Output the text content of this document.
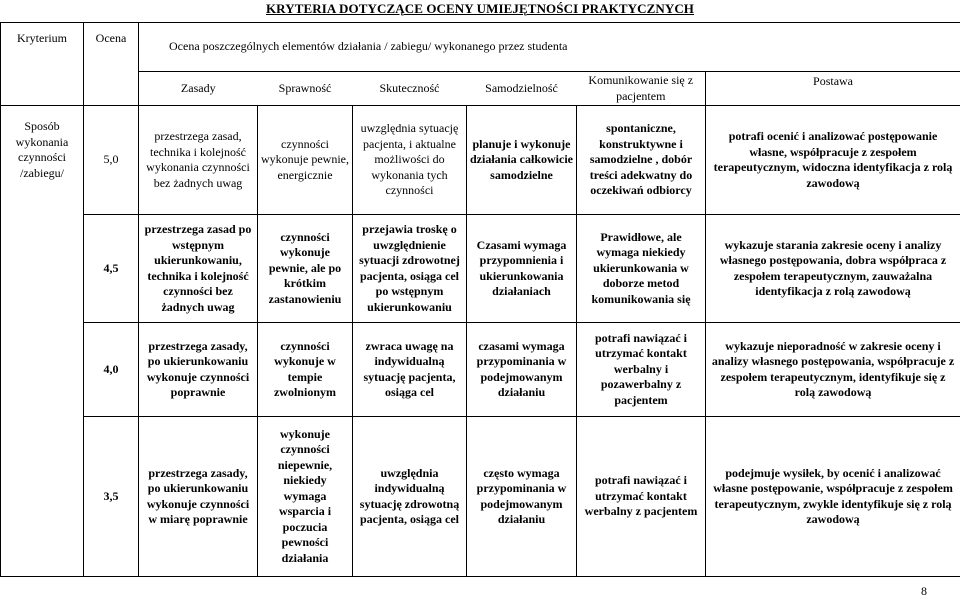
KRYTERIA DOTYCZĄCE OCENY UMIEJĘTNOŚCI PRAKTYCZNYCH
Kryterium	Ocena	Ocena poszczególnych elementów działania / zabiegu/ wykonanego przez studenta					
		Zasady	Sprawność	Skuteczność	Samodzielność	Komunikowanie się z pacjentem	Postawa
Sposób wykonania czynności /zabiegu/	5,0	przestrzega zasad, technika i kolejność wykonania czynności bez żadnych uwag	czynności wykonuje pewnie, energicznie	uwzględnia sytuację pacjenta, i aktualne możliwości do wykonania tych czynności	planuje i wykonuje działania całkowicie samodzielne	spontaniczne, konstruktywne i samodzielne , dobór treści adekwatny do oczekiwań odbiorcy	potrafi ocenić i analizować postępowanie własne, współpracuje z zespołem terapeutycznym, widoczna identyfikacja z rolą zawodową
	4,5	przestrzega zasad po wstępnym ukierunkowaniu, technika i kolejność czynności bez żadnych uwag	czynności wykonuje pewnie, ale po krótkim zastanowieniu	przejawia troskę o uwzględnienie sytuacji zdrowotnej pacjenta, osiąga cel po wstępnym ukierunkowaniu	Czasami wymaga przypomnienia i ukierunkowania działaniach	Prawidłowe, ale wymaga niekiedy ukierunkowania w doborze metod komunikowania się	wykazuje starania zakresie oceny i analizy własnego postępowania, dobra współpraca z zespołem terapeutycznym, zauważalna identyfikacja z rolą zawodową
	4,0	przestrzega zasady, po ukierunkowaniu wykonuje czynności poprawnie	czynności wykonuje w tempie zwolnionym	zwraca uwagę na indywidualną sytuację pacjenta, osiąga cel	czasami wymaga przypominania w podejmowanym działaniu	potrafi nawiązać i utrzymać kontakt werbalny i pozawerbalny z pacjentem	wykazuje nieporadność w zakresie oceny i analizy własnego postępowania, współpracuje z zespołem terapeutycznym, identyfikuje się z rolą zawodową
	3,5	przestrzega zasady, po ukierunkowaniu wykonuje czynności w miarę poprawnie	wykonuje czynności niepewnie, niekiedy wymaga wsparcia i poczucia pewności działania	uwzględnia indywidualną sytuację zdrowotną pacjenta, osiąga cel	często wymaga przypominania w podejmowanym działaniu	potrafi nawiązać i utrzymać kontakt werbalny z pacjentem	podejmuje wysiłek, by ocenić i analizować własne postępowanie, współpracuje z zespołem terapeutycznym, zwykle identyfikuje się z rolą zawodową
8
